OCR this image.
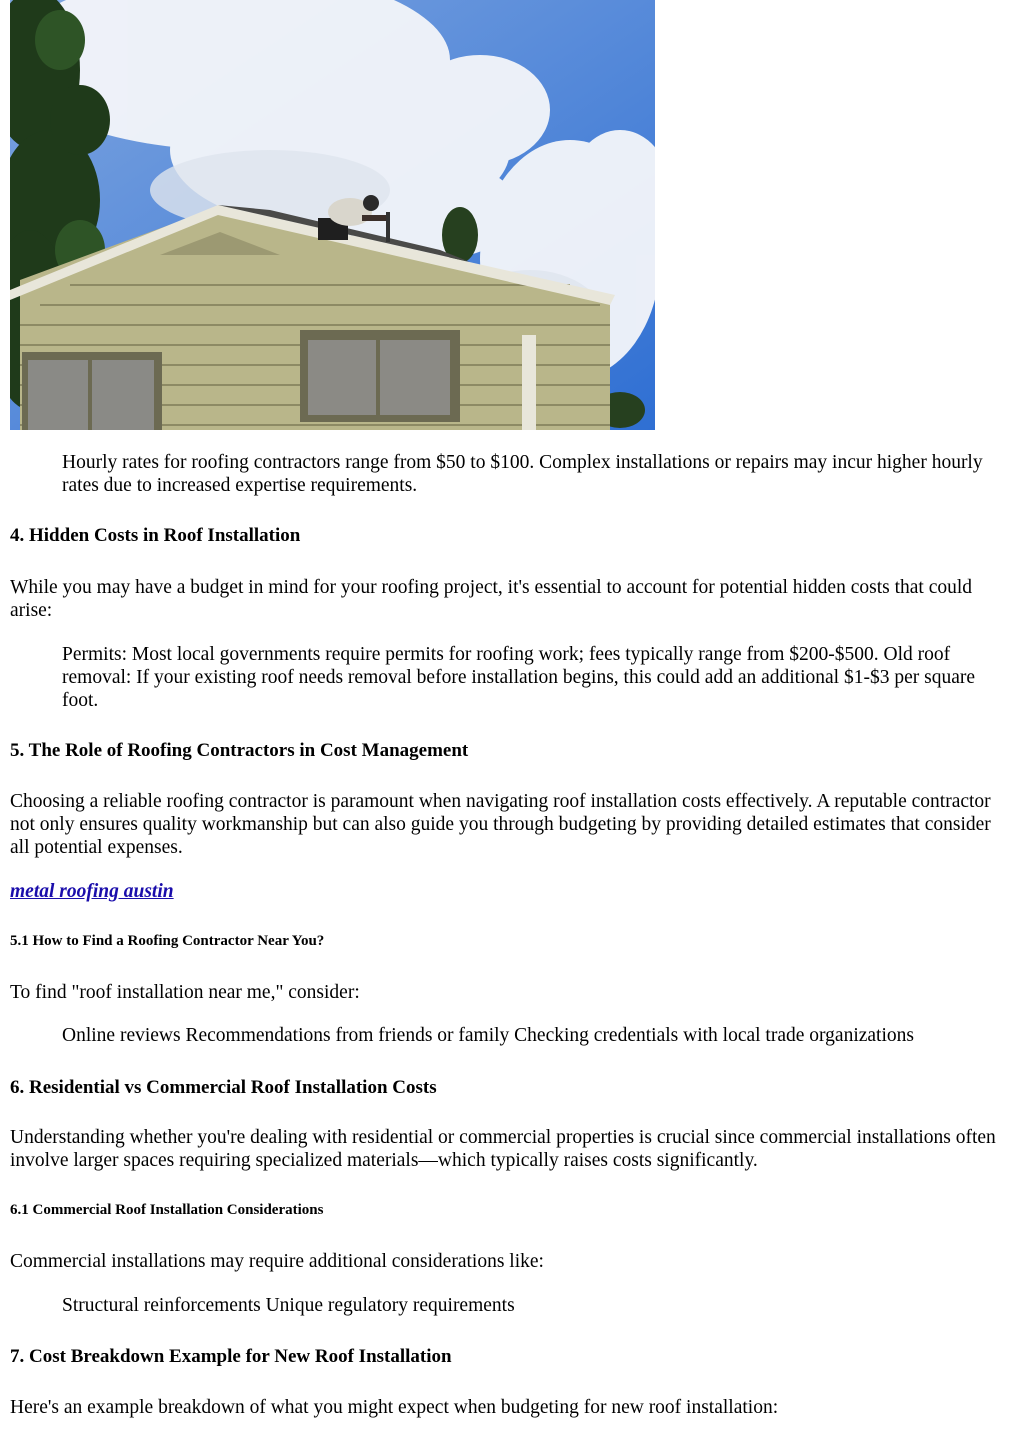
Hourly rates for roofing contractors range from $50 to $100. Complex installations or repairs may incur higher hourly rates due to increased expertise requirements.

4. Hidden Costs in Roof Installation

While you may have a budget in mind for your roofing project, it's essential to account for potential hidden costs that could arise:

Permits: Most local governments require permits for roofing work; fees typically range from $200-$500. Old roof removal: If your existing roof needs removal before installation begins, this could add an additional $1-$3 per square foot.

5. The Role of Roofing Contractors in Cost Management

Choosing a reliable roofing contractor is paramount when navigating roof installation costs effectively. A reputable contractor not only ensures quality workmanship but can also guide you through budgeting by providing detailed estimates that consider all potential expenses.

metal roofing austin
5.1 How to Find a Roofing Contractor Near You?

To find "roof installation near me," consider:

Online reviews Recommendations from friends or family Checking credentials with local trade organizations

6. Residential vs Commercial Roof Installation Costs

Understanding whether you're dealing with residential or commercial properties is crucial since commercial installations often involve larger spaces requiring specialized materials—which typically raises costs significantly.

6.1 Commercial Roof Installation Considerations

Commercial installations may require additional considerations like:

Structural reinforcements Unique regulatory requirements

7. Cost Breakdown Example for New Roof Installation

Here's an example breakdown of what you might expect when budgeting for new roof installation:
